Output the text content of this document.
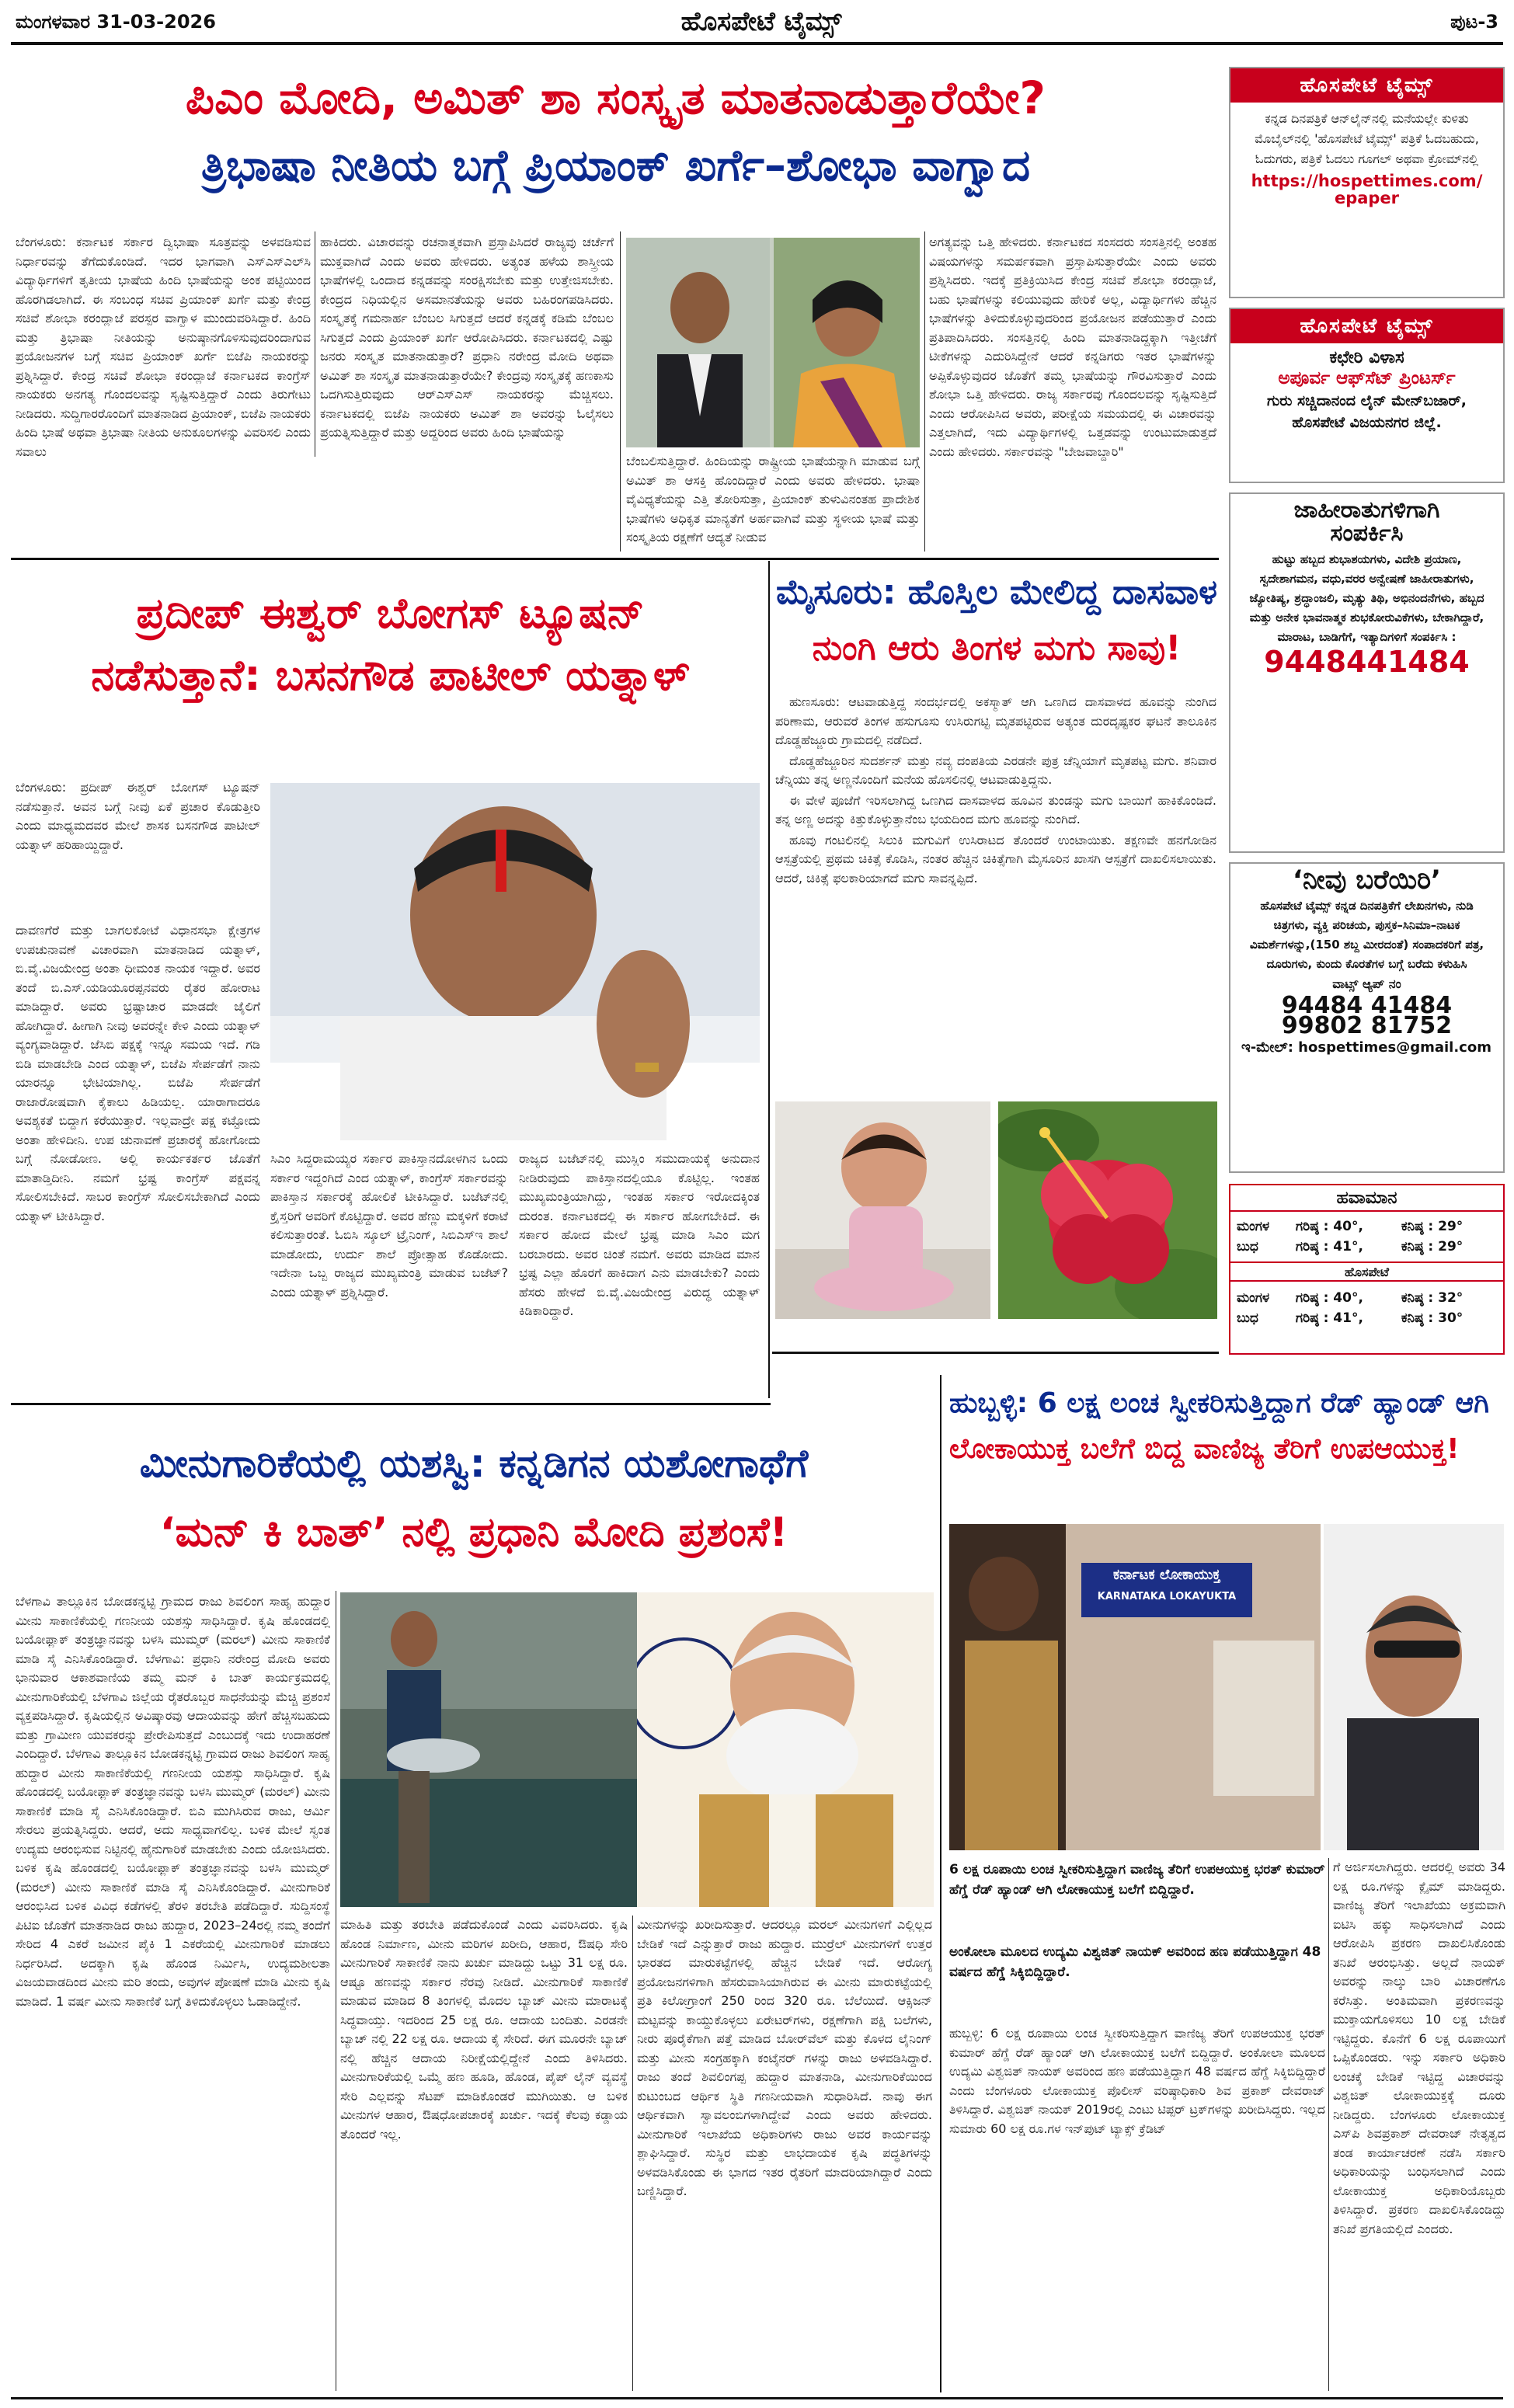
ಮಂಗಳವಾರ 31-03-2026	ಹೊಸಪೇಟೆ ಟೈಮ್ಸ್	ಪುಟ-3
ಪಿಎಂ ಮೋದಿ, ಅಮಿತ್ ಶಾ ಸಂಸ್ಕೃತ ಮಾತನಾಡುತ್ತಾರೆಯೇ?
ತ್ರಿಭಾಷಾ ನೀತಿಯ ಬಗ್ಗೆ ಪ್ರಿಯಾಂಕ್ ಖರ್ಗೆ–ಶೋಭಾ ವಾಗ್ವಾದ
ಬೆಂಗಳೂರು: ಕರ್ನಾಟಕ ಸರ್ಕಾರ ದ್ವಿಭಾಷಾ ಸೂತ್ರವನ್ನು ಅಳವಡಿಸುವ ನಿರ್ಧಾರವನ್ನು ತೆಗೆದುಕೊಂಡಿದೆ. ಇದರ ಭಾಗವಾಗಿ ಎಸ್‌ಎಸ್‌ಎಲ್‌ಸಿ ವಿದ್ಯಾರ್ಥಿಗಳಿಗೆ ತೃತೀಯ ಭಾಷೆಯ ಹಿಂದಿ ಭಾಷೆಯನ್ನು ಅಂಕ ಪಟ್ಟಿಯಿಂದ ಹೊರಗಿಡಲಾಗಿದೆ. ಈ ಸಂಬಂಧ ಸಚಿವ ಪ್ರಿಯಾಂಕ್ ಖರ್ಗೆ ಮತ್ತು ಕೇಂದ್ರ ಸಚಿವೆ ಶೋಭಾ ಕರಂದ್ಲಾಜೆ ಪರಸ್ಪರ ವಾಗ್ವಾಳ ಮುಂದುವರಿಸಿದ್ದಾರೆ. ಹಿಂದಿ ಮತ್ತು ತ್ರಿಭಾಷಾ ನೀತಿಯನ್ನು ಅನುಷ್ಠಾನಗೊಳಿಸುವುದರಿಂದಾಗುವ ಪ್ರಯೋಜನಗಳ ಬಗ್ಗೆ ಸಚಿವ ಪ್ರಿಯಾಂಕ್ ಖರ್ಗೆ ಬಿಜೆಪಿ ನಾಯಕರನ್ನು ಪ್ರಶ್ನಿಸಿದ್ದಾರೆ. ಕೇಂದ್ರ ಸಚಿವೆ ಶೋಭಾ ಕರಂದ್ಲಾಜೆ ಕರ್ನಾಟಕದ ಕಾಂಗ್ರೆಸ್ ನಾಯಕರು ಅನಗತ್ಯ ಗೊಂದಲವನ್ನು ಸೃಷ್ಟಿಸುತ್ತಿದ್ದಾರೆ ಎಂದು ತಿರುಗೇಟು ನೀಡಿದರು. ಸುದ್ದಿಗಾರರೊಂದಿಗೆ ಮಾತನಾಡಿದ ಪ್ರಿಯಾಂಕ್, ಬಿಜೆಪಿ ನಾಯಕರು ಹಿಂದಿ ಭಾಷೆ ಅಥವಾ ತ್ರಿಭಾಷಾ ನೀತಿಯ ಅನುಕೂಲಗಳನ್ನು ವಿವರಿಸಲಿ ಎಂದು ಸವಾಲು
ಹಾಕಿದರು. ವಿಚಾರವನ್ನು ರಚನಾತ್ಮಕವಾಗಿ ಪ್ರಸ್ತಾಪಿಸಿದರೆ ರಾಜ್ಯವು ಚರ್ಚೆಗೆ ಮುಕ್ತವಾಗಿದೆ ಎಂದು ಅವರು ಹೇಳಿದರು. ಅತ್ಯಂತ ಹಳೆಯ ಶಾಸ್ತ್ರೀಯ ಭಾಷೆಗಳಲ್ಲಿ ಒಂದಾದ ಕನ್ನಡವನ್ನು ಸಂರಕ್ಷಿಸಬೇಕು ಮತ್ತು ಉತ್ತೇಜಿಸಬೇಕು. ಕೇಂದ್ರದ ನಿಧಿಯಲ್ಲಿನ ಅಸಮಾನತೆಯನ್ನು ಅವರು ಬಹಿರಂಗಪಡಿಸಿದರು. ಸಂಸ್ಕೃತಕ್ಕೆ ಗಮನಾರ್ಹ ಬೆಂಬಲ ಸಿಗುತ್ತದೆ ಆದರೆ ಕನ್ನಡಕ್ಕೆ ಕಡಿಮೆ ಬೆಂಬಲ ಸಿಗುತ್ತದೆ ಎಂದು ಪ್ರಿಯಾಂಕ್ ಖರ್ಗೆ ಆರೋಪಿಸಿದರು. ಕರ್ನಾಟಕದಲ್ಲಿ ಎಷ್ಟು ಜನರು ಸಂಸ್ಕೃತ ಮಾತನಾಡುತ್ತಾರೆ? ಪ್ರಧಾನಿ ನರೇಂದ್ರ ಮೋದಿ ಅಥವಾ ಅಮಿತ್ ಶಾ ಸಂಸ್ಕೃತ ಮಾತನಾಡುತ್ತಾರೆಯೇ? ಕೇಂದ್ರವು ಸಂಸ್ಕೃತಕ್ಕೆ ಹಣಕಾಸು ಒದಗಿಸುತ್ತಿರುವುದು ಆರ್‌ಎಸ್‌ಎಸ್ ನಾಯಕರನ್ನು ಮೆಚ್ಚಿಸಲು. ಕರ್ನಾಟಕದಲ್ಲಿ ಬಿಜೆಪಿ ನಾಯಕರು ಅಮಿತ್ ಶಾ ಅವರನ್ನು ಓಲೈಸಲು ಪ್ರಯತ್ನಿಸುತ್ತಿದ್ದಾರೆ ಮತ್ತು ಅದ್ದರಿಂದ ಅವರು ಹಿಂದಿ ಭಾಷೆಯನ್ನು
ಬೆಂಬಲಿಸುತ್ತಿದ್ದಾರೆ. ಹಿಂದಿಯನ್ನು ರಾಷ್ಟ್ರೀಯ ಭಾಷೆಯನ್ನಾಗಿ ಮಾಡುವ ಬಗ್ಗೆ ಅಮಿತ್ ಶಾ ಆಸಕ್ತಿ ಹೊಂದಿದ್ದಾರೆ ಎಂದು ಅವರು ಹೇಳಿದರು. ಭಾಷಾ ವೈವಿಧ್ಯತೆಯನ್ನು ಎತ್ತಿ ತೋರಿಸುತ್ತಾ, ಪ್ರಿಯಾಂಕ್ ತುಳುವಿನಂತಹ ಪ್ರಾದೇಶಿಕ ಭಾಷೆಗಳು ಅಧಿಕೃತ ಮಾನ್ಯತೆಗೆ ಅರ್ಹವಾಗಿವೆ ಮತ್ತು ಸ್ಥಳೀಯ ಭಾಷೆ ಮತ್ತು ಸಂಸ್ಕೃತಿಯ ರಕ್ಷಣೆಗೆ ಆದ್ಯತೆ ನೀಡುವ
ಅಗತ್ಯವನ್ನು ಒತ್ತಿ ಹೇಳಿದರು. ಕರ್ನಾಟಕದ ಸಂಸದರು ಸಂಸತ್ತಿನಲ್ಲಿ ಅಂತಹ ವಿಷಯಗಳನ್ನು ಸಮರ್ಪಕವಾಗಿ ಪ್ರಸ್ತಾಪಿಸುತ್ತಾರೆಯೇ ಎಂದು ಅವರು ಪ್ರಶ್ನಿಸಿದರು. ಇದಕ್ಕೆ ಪ್ರತಿಕ್ರಿಯಿಸಿದ ಕೇಂದ್ರ ಸಚಿವೆ ಶೋಭಾ ಕರಂದ್ಲಾಜೆ, ಬಹು ಭಾಷೆಗಳನ್ನು ಕಲಿಯುವುದು ಹೇರಿಕೆ ಅಲ್ಲ, ವಿದ್ಯಾರ್ಥಿಗಳು ಹೆಚ್ಚಿನ ಭಾಷೆಗಳನ್ನು ತಿಳಿದುಕೊಳ್ಳುವುದರಿಂದ ಪ್ರಯೋಜನ ಪಡೆಯುತ್ತಾರೆ ಎಂದು ಪ್ರತಿಪಾದಿಸಿದರು. ಸಂಸತ್ತಿನಲ್ಲಿ ಹಿಂದಿ ಮಾತನಾಡಿದ್ದಕ್ಕಾಗಿ ಇತ್ತೀಚೆಗೆ ಟೀಕೆಗಳನ್ನು ಎದುರಿಸಿದ್ದೇನೆ ಆದರೆ ಕನ್ನಡಿಗರು ಇತರ ಭಾಷೆಗಳನ್ನು ಅಪ್ಪಿಕೊಳ್ಳುವುದರ ಜೊತೆಗೆ ತಮ್ಮ ಭಾಷೆಯನ್ನು ಗೌರವಿಸುತ್ತಾರೆ ಎಂದು ಶೋಭಾ ಒತ್ತಿ ಹೇಳಿದರು. ರಾಜ್ಯ ಸರ್ಕಾರವು ಗೊಂದಲವನ್ನು ಸೃಷ್ಟಿಸುತ್ತಿದೆ ಎಂದು ಆರೋಪಿಸಿದ ಅವರು, ಪರೀಕ್ಷೆಯ ಸಮಯದಲ್ಲಿ ಈ ವಿಚಾರವನ್ನು ಎತ್ತಲಾಗಿದೆ, ಇದು ವಿದ್ಯಾರ್ಥಿಗಳಲ್ಲಿ ಒತ್ತಡವನ್ನು ಉಂಟುಮಾಡುತ್ತದೆ ಎಂದು ಹೇಳಿದರು. ಸರ್ಕಾರವನ್ನು "ಬೇಜವಾಬ್ದಾರಿ"
ಪ್ರದೀಪ್ ಈಶ್ವರ್ ಬೋಗಸ್ ಟ್ಯೂಷನ್
ನಡೆಸುತ್ತಾನೆ: ಬಸನಗೌಡ ಪಾಟೀಲ್ ಯತ್ನಾಳ್
ಬೆಂಗಳೂರು: ಪ್ರದೀಪ್ ಈಶ್ವರ್ ಬೋಗಸ್ ಟ್ಯೂಷನ್ ನಡೆಸುತ್ತಾನೆ. ಅವನ ಬಗ್ಗೆ ನೀವು ಏಕೆ ಪ್ರಚಾರ ಕೊಡುತ್ತೀರಿ ಎಂದು ಮಾಧ್ಯಮದವರ ಮೇಲೆ ಶಾಸಕ ಬಸನಗೌಡ ಪಾಟೀಲ್ ಯತ್ನಾಳ್ ಹರಿಹಾಯ್ದಿದ್ದಾರೆ.
ದಾವಣಗೆರೆ ಮತ್ತು ಬಾಗಲಕೋಟೆ ವಿಧಾನಸಭಾ ಕ್ಷೇತ್ರಗಳ ಉಪಚುನಾವಣೆ ವಿಚಾರವಾಗಿ ಮಾತನಾಡಿದ ಯತ್ನಾಳ್, ಬಿ.ವೈ.ವಿಜಯೇಂದ್ರ ಅಂತಾ ಧೀಮಂತ ನಾಯಕ ಇದ್ದಾರೆ. ಅವರ ತಂದೆ ಬಿ.ಎಸ್.ಯಡಿಯೂರಪ್ಪನವರು ರೈತರ ಹೋರಾಟ ಮಾಡಿದ್ದಾರೆ. ಅವರು ಭ್ರಷ್ಟಾಚಾರ ಮಾಡದೇ ಜೈಲಿಗೆ ಹೋಗಿದ್ದಾರೆ. ಹೀಗಾಗಿ ನೀವು ಅವರನ್ನೇ ಕೇಳಿ ಎಂದು ಯತ್ನಾಳ್ ವ್ಯಂಗ್ಯವಾಡಿದ್ದಾರೆ. ಜೆಸಿಬಿ ಪಕ್ಷಕ್ಕೆ ಇನ್ನೂ ಸಮಯ ಇದೆ. ಗಡಿ ಬಿಡಿ ಮಾಡಬೇಡಿ ಎಂದ ಯತ್ನಾಳ್, ಬಿಜೆಪಿ ಸೇರ್ಪಡೆಗೆ ನಾನು ಯಾರನ್ನೂ ಭೇಟಿಯಾಗಿಲ್ಲ. ಬಿಜೆಪಿ ಸೇರ್ಪಡೆಗೆ ರಾಜಾರೋಷವಾಗಿ ಕೈಕಾಲು ಹಿಡಿಯಲ್ಲ. ಯಾರಾಗಾದರೂ ಅವಶ್ಯಕತೆ ಬಿದ್ದಾಗ ಕರೆಯುತ್ತಾರೆ. ಇಲ್ಲವಾದ್ರೇ ಪಕ್ಷ ಕಟ್ಟೋದು ಅಂತಾ ಹೇಳಿದೀನಿ. ಉಪ ಚುನಾವಣೆ ಪ್ರಚಾರಕ್ಕೆ ಹೋಗೋದು ಬಗ್ಗೆ ನೋಡೋಣ. ಅಲ್ಲಿ ಕಾರ್ಯಕರ್ತರ ಜೊತೆಗೆ ಮಾತಾಡ್ತಿದೀನಿ. ನಮಗೆ ಭ್ರಷ್ಟ ಕಾಂಗ್ರೆಸ್ ಪಕ್ಷವನ್ನ ಸೋಲಿಸಬೇಕಿದೆ. ಸಾಬರ ಕಾಂಗ್ರೆಸ್ ಸೋಲಿಸಬೇಕಾಗಿದೆ ಎಂದು ಯತ್ನಾಳ್ ಟೀಕಿಸಿದ್ದಾರೆ.
ಸಿಎಂ ಸಿದ್ದರಾಮಯ್ಯರ ಸರ್ಕಾರ ಪಾಕಿಸ್ತಾನದೋಳಗಿನ ಒಂದು ಸರ್ಕಾರ ಇದ್ದಂಗಿದೆ ಎಂದ ಯತ್ನಾಳ್, ಕಾಂಗ್ರೆಸ್ ಸರ್ಕಾರವನ್ನು ಪಾಕಿಸ್ತಾನ ಸರ್ಕಾರಕ್ಕೆ ಹೋಲಿಕೆ ಟೀಕಿಸಿದ್ದಾರೆ. ಬಜೆಟ್‌ನಲ್ಲಿ ಕ್ರೈಸ್ತರಿಗೆ ಅವರಿಗೆ ಕೊಟ್ಟಿದ್ದಾರೆ. ಅವರ ಹೆಣ್ಣು ಮಕ್ಕಳಿಗೆ ಕರಾಟೆ ಕಲಿಸುತ್ತಾರಂತೆ. ಓಬಿಸಿ ಸ್ಕೂಲ್ ಟ್ರೈನಿಂಗ್, ಸಿಬಿಎಸ್ಇ ಶಾಲೆ ಮಾಡೋದು, ಉರ್ದು ಶಾಲೆ ಪ್ರೋತ್ಸಾಹ ಕೊಡೋದು. ಇದೇನಾ ಒಬ್ಬ ರಾಜ್ಯದ ಮುಖ್ಯಮಂತ್ರಿ ಮಾಡುವ ಬಜೆಟ್? ಎಂದು ಯತ್ನಾಳ್ ಪ್ರಶ್ನಿಸಿದ್ದಾರೆ.
ರಾಜ್ಯದ ಬಜೆಟ್‌ನಲ್ಲಿ ಮುಸ್ಲಿಂ ಸಮುದಾಯಕ್ಕೆ ಅನುದಾನ ನೀಡಿರುವುದು ಪಾಕಿಸ್ತಾನದಲ್ಲಿಯೂ ಕೊಟ್ಟಿಲ್ಲ. ಇಂತಹ ಮುಖ್ಯಮಂತ್ರಿಯಾಗಿದ್ದು, ಇಂತಹ ಸರ್ಕಾರ ಇರೋದಕ್ಕಿಂತ ದುರಂತ. ಕರ್ನಾಟಕದಲ್ಲಿ ಈ ಸರ್ಕಾರ ಹೋಗಬೇಕಿದೆ. ಈ ಸರ್ಕಾರ ಹೋದ ಮೇಲೆ ಭ್ರಷ್ಟ ಮಾಡಿ ಸಿಎಂ ಮಗ ಬರಬಾರದು. ಅವರ ಚಿಂತೆ ನಮಗೆ. ಅವರು ಮಾಡಿದ ಮಾನ ಭ್ರಷ್ಟ ಎಲ್ಲಾ ಹೊರಗೆ ಹಾಕಿದಾಗ ಎನು ಮಾಡಬೇಕು? ಎಂದು ಹೆಸರು ಹೇಳದೆ ಬಿ.ವೈ.ವಿಜಯೇಂದ್ರ ವಿರುದ್ಧ ಯತ್ನಾಳ್ ಕಿಡಿಕಾರಿದ್ದಾರೆ.
ಮೈಸೂರು: ಹೊಸ್ತಿಲ ಮೇಲಿದ್ದ ದಾಸವಾಳ
ನುಂಗಿ ಆರು ತಿಂಗಳ ಮಗು ಸಾವು!

ಹುಣಸೂರು: ಆಟವಾಡುತ್ತಿದ್ದ ಸಂದರ್ಭದಲ್ಲಿ ಅಕಸ್ಮಾತ್ ಆಗಿ ಒಣಗಿದ ದಾಸವಾಳದ ಹೂವನ್ನು ನುಂಗಿದ ಪರಿಣಾಮ, ಆರುವರೆ ತಿಂಗಳ ಹಸುಗೂಸು ಉಸಿರುಗಟ್ಟಿ ಮೃತಪಟ್ಟಿರುವ ಅತ್ಯಂತ ದುರದೃಷ್ಟಕರ ಘಟನೆ ತಾಲೂಕಿನ ದೊಡ್ಡಹೆಜ್ಜೂರು ಗ್ರಾಮದಲ್ಲಿ ನಡೆದಿದೆ.

ದೊಡ್ಡಹೆಜ್ಜೂರಿನ ಸುದರ್ಶನ್ ಮತ್ತು ನವ್ಯ ದಂಪತಿಯ ಎರಡನೇ ಪುತ್ರ ಚೆನ್ನಿಯಾಗೆ ಮೃತಪಟ್ಟ ಮಗು. ಶನಿವಾರ ಚೆನ್ನಿಯು ತನ್ನ ಅಣ್ಣನೊಂದಿಗೆ ಮನೆಯ ಹೊಸಲಿನಲ್ಲಿ ಆಟವಾಡುತ್ತಿದ್ದನು.

ಈ ವೇಳೆ ಪೂಜೆಗೆ ಇರಿಸಲಾಗಿದ್ದ ಒಣಗಿದ ದಾಸವಾಳದ ಹೂವಿನ ತುಂಡನ್ನು ಮಗು ಬಾಯಿಗೆ ಹಾಕಿಕೊಂಡಿದೆ. ತನ್ನ ಅಣ್ಣ ಅದನ್ನು ಕಿತ್ತುಕೊಳ್ಳುತ್ತಾನೆಂಬ ಭಯದಿಂದ ಮಗು ಹೂವನ್ನು ನುಂಗಿದೆ.

ಹೂವು ಗಂಟಲಿನಲ್ಲಿ ಸಿಲುಕಿ ಮಗುವಿಗೆ ಉಸಿರಾಟದ ತೊಂದರೆ ಉಂಟಾಯಿತು. ತಕ್ಷಣವೇ ಹನಗೋಡಿನ ಆಸ್ಪತ್ರೆಯಲ್ಲಿ ಪ್ರಥಮ ಚಿಕಿತ್ಸೆ ಕೊಡಿಸಿ, ನಂತರ ಹೆಚ್ಚಿನ ಚಿಕಿತ್ಸೆಗಾಗಿ ಮೈಸೂರಿನ ಖಾಸಗಿ ಆಸ್ಪತ್ರೆಗೆ ದಾಖಲಿಸಲಾಯಿತು. ಆದರೆ, ಚಿಕಿತ್ಸೆ ಫಲಕಾರಿಯಾಗದೆ ಮಗು ಸಾವನ್ನಪ್ಪಿದೆ.

ಹೊಸಪೇಟೆ ಟೈಮ್ಸ್
ಕನ್ನಡ ದಿನಪತ್ರಿಕೆ ಆನ್‌ಲೈನ್‌ನಲ್ಲಿ ಮನೆಯಲ್ಲೇ ಕುಳಿತು ಮೊಬೈಲ್‌ನಲ್ಲಿ 'ಹೊಸಪೇಟೆ ಟೈಮ್ಸ್' ಪತ್ರಿಕೆ ಓದಬಹುದು, ಓದುಗರು, ಪತ್ರಿಕೆ ಓದಲು ಗೂಗಲ್ ಅಥವಾ ಕ್ರೋಮ್‌ನಲ್ಲಿ
https://hospettimes.com/
epaper
ಹೊಸಪೇಟೆ ಟೈಮ್ಸ್
ಕಛೇರಿ ವಿಳಾಸ
ಅಪೂರ್ವ ಆಫ್‌ಸೆಟ್ ಪ್ರಿಂಟರ್ಸ್
ಗುರು ಸಚ್ಚಿದಾನಂದ ಲೈನ್ ಮೇನ್‌ಬಜಾರ್, ಹೊಸಪೇಟೆ ವಿಜಯನಗರ ಜಿಲ್ಲೆ.
ಜಾಹೀರಾತುಗಳಿಗಾಗಿ
ಸಂಪರ್ಕಿಸಿ
ಹುಟ್ಟು ಹಬ್ಬದ ಶುಭಾಶಯಗಳು, ವಿದೇಶಿ ಪ್ರಯಾಣ, ಸ್ವದೇಶಾಗಮನ, ವಧು,ವರರ ಅನ್ವೇಷಣೆ ಜಾಹೀರಾತುಗಳು, ಜ್ಯೋತಿಷ್ಯ, ಶ್ರದ್ಧಾಂಜಲಿ, ಮೃತ್ಯು ತಿಥಿ, ಅಭಿನಂದನೆಗಳು, ಹಬ್ಬದ ಮತ್ತು ಅನೇಕ ಭಾವನಾತ್ಮಕ ಶುಭಕೋರುವಿಕೆಗಳು, ಬೇಕಾಗಿದ್ದಾರೆ, ಮಾರಾಟ, ಬಾಡಿಗೆಗೆ, ಇತ್ಯಾದಿಗಳಿಗೆ ಸಂಪರ್ಕಿಸಿ :
9448441484
‘ನೀವು ಬರೆಯಿರಿ’
ಹೊಸಪೇಟೆ ಟೈಮ್ಸ್ ಕನ್ನಡ ದಿನಪತ್ರಿಕೆಗೆ ಲೇಖನಗಳು, ನುಡಿ ಚಿತ್ರಗಳು, ವ್ಯಕ್ತಿ ಪರಿಚಯ, ಪುಸ್ತಕ–ಸಿನಿಮಾ–ನಾಟಕ ವಿಮರ್ಶೆಗಳನ್ನು,(150 ಶಬ್ದ ಮೀರದಂತೆ) ಸಂಪಾದಕರಿಗೆ ಪತ್ರ, ದೂರುಗಳು, ಕುಂದು ಕೊರತೆಗಳ ಬಗ್ಗೆ ಬರೆದು ಕಳುಹಿಸಿ
ವಾಟ್ಸ್ ಆ್ಯಪ್ ನಂ
94484 41484
99802 81752
ಇ-ಮೇಲ್: hospettimes@gmail.com
ಹವಾಮಾನ
ಮಂಗಳ ಗರಿಷ್ಠ : 40°,	ಕನಿಷ್ಠ : 29°
ಬುಧ	ಗರಿಷ್ಠ : 41°,	ಕನಿಷ್ಠ : 29°
ಹೊಸಪೇಟೆ
ಮಂಗಳ ಗರಿಷ್ಠ : 40°,	ಕನಿಷ್ಠ : 32°
ಬುಧ	ಗರಿಷ್ಠ : 41°,	ಕನಿಷ್ಠ : 30°
ಮೀನುಗಾರಿಕೆಯಲ್ಲಿ ಯಶಸ್ವಿ: ಕನ್ನಡಿಗನ ಯಶೋಗಾಥೆಗೆ
‘ಮನ್ ಕಿ ಬಾತ್’ ನಲ್ಲಿ ಪ್ರಧಾನಿ ಮೋದಿ ಪ್ರಶಂಸೆ!
ಬೆಳಗಾವಿ ತಾಲ್ಲೂಕಿನ ಬೋಡಕನ್ನಟ್ಟಿ ಗ್ರಾಮದ ರಾಜು ಶಿವಲಿಂಗ ಸಾಹೃ ಹುದ್ದಾರ ಮೀನು ಸಾಕಾಣಿಕೆಯಲ್ಲಿ ಗಣನೀಯ ಯಶಸ್ಸು ಸಾಧಿಸಿದ್ದಾರೆ. ಕೃಷಿ ಹೊಂಡದಲ್ಲಿ ಬಯೋಫ್ಲಾಕ್ ತಂತ್ರಜ್ಞಾನವನ್ನು ಬಳಸಿ ಮುಮ್ಮರ್ (ಮರಲ್) ಮೀನು ಸಾಕಾಣಿಕೆ ಮಾಡಿ ಸೈ ಎನಿಸಿಕೊಂಡಿದ್ದಾರೆ. ಬೆಳಗಾವಿ: ಪ್ರಧಾನಿ ನರೇಂದ್ರ ಮೋದಿ ಅವರು ಭಾನುವಾರ ಆಕಾಶವಾಣಿಯ ತಮ್ಮ ಮನ್ ಕಿ ಬಾತ್ ಕಾರ್ಯಕ್ರಮದಲ್ಲಿ ಮೀನುಗಾರಿಕೆಯಲ್ಲಿ ಬೆಳಗಾವಿ ಜಿಲ್ಲೆಯ ರೈತರೊಬ್ಬರ ಸಾಧನೆಯನ್ನು ಮೆಚ್ಚಿ ಪ್ರಶಂಸೆ ವ್ಯಕ್ತಪಡಿಸಿದ್ದಾರೆ. ಕೃಷಿಯಲ್ಲಿನ ಅವಿಷ್ಕಾರವು ಆದಾಯವನ್ನು ಹೇಗೆ ಹೆಚ್ಚಿಸಬಹುದು ಮತ್ತು ಗ್ರಾಮೀಣ ಯುವಕರನ್ನು ಪ್ರೇರೇಪಿಸುತ್ತದೆ ಎಂಬುದಕ್ಕೆ ಇದು ಉದಾಹರಣೆ ಎಂದಿದ್ದಾರೆ. ಬೆಳಗಾವಿ ತಾಲ್ಲೂಕಿನ ಬೋಡಕನ್ನಟ್ಟಿ ಗ್ರಾಮದ ರಾಜು ಶಿವಲಿಂಗ ಸಾಹೃ ಹುದ್ದಾರ ಮೀನು ಸಾಕಾಣಿಕೆಯಲ್ಲಿ ಗಣನೀಯ ಯಶಸ್ಸು ಸಾಧಿಸಿದ್ದಾರೆ. ಕೃಷಿ ಹೊಂಡದಲ್ಲಿ ಬಯೋಫ್ಲಾಕ್ ತಂತ್ರಜ್ಞಾನವನ್ನು ಬಳಸಿ ಮುಮ್ಮರ್ (ಮರಲ್) ಮೀನು ಸಾಕಾಣಿಕೆ ಮಾಡಿ ಸೈ ಎನಿಸಿಕೊಂಡಿದ್ದಾರೆ. ಬಿಎ ಮುಗಿಸಿರುವ ರಾಜು, ಆರ್ಮಿ ಸೇರಲು ಪ್ರಯತ್ನಿಸಿದ್ದರು. ಆದರೆ, ಅದು ಸಾಧ್ಯವಾಗಲಿಲ್ಲ. ಬಳಿಕ ಮೇಲೆ ಸ್ವಂತ ಉದ್ಯಮ ಆರಂಭಿಸುವ ನಿಟ್ಟಿನಲ್ಲಿ ಹೈನುಗಾರಿಕೆ ಮಾಡಬೇಕು ಎಂದು ಯೋಜಿಸಿದರು. ಬಳಿಕ ಕೃಷಿ ಹೊಂಡದಲ್ಲಿ ಬಯೋಫ್ಲಾಕ್ ತಂತ್ರಜ್ಞಾನವನ್ನು ಬಳಸಿ ಮುಮ್ಮರ್ (ಮರಲ್) ಮೀನು ಸಾಕಾಣಿಕೆ ಮಾಡಿ ಸೈ ಎನಿಸಿಕೊಂಡಿದ್ದಾರೆ. ಮೀನುಗಾರಿಕೆ ಆರಂಭಿಸಿದ ಬಳಿಕ ವಿವಿಧ ಕಡೆಗಳಲ್ಲಿ ತೆರಳಿ ತರಬೇತಿ ಪಡೆದಿದ್ದಾರೆ. ಸುದ್ದಿಸಂಸ್ಥೆ ಪಿಟಿಐ ಜೊತೆಗೆ ಮಾತನಾಡಿದ ರಾಜು ಹುದ್ದಾರ, 2023–24ರಲ್ಲಿ ನಮ್ಮ ತಂದೆಗೆ ಸೇರಿದ 4 ಎಕರೆ ಜಮೀನ ಪೈಕಿ 1 ಎಕರೆಯಲ್ಲಿ ಮೀನುಗಾರಿಕೆ ಮಾಡಲು ನಿರ್ಧರಿಸಿದೆ. ಅದಕ್ಕಾಗಿ ಕೃಷಿ ಹೊಂಡ ನಿರ್ಮಿಸಿ, ಉದ್ಯಮಶೀಲತಾ ವಿಜಯವಾಡದಿಂದ ಮೀನು ಮರಿ ತಂದು, ಅವುಗಳ ಪೋಷಣೆ ಮಾಡಿ ಮೀನು ಕೃಷಿ ಮಾಡಿದೆ. 1 ವರ್ಷ ಮೀನು ಸಾಕಾಣಿಕೆ ಬಗ್ಗೆ ತಿಳಿದುಕೊಳ್ಳಲು ಓಡಾಡಿದ್ದೇನೆ.
ಮಾಹಿತಿ ಮತ್ತು ತರಬೇತಿ ಪಡೆದುಕೊಂಡೆ ಎಂದು ವಿವರಿಸಿದರು. ಕೃಷಿ ಹೊಂಡ ನಿರ್ಮಾಣ, ಮೀನು ಮರಿಗಳ ಖರೀದಿ, ಆಹಾರ, ಔಷಧಿ ಸೇರಿ ಮೀನುಗಾರಿಕೆ ಸಾಕಾಣಿಕೆ ನಾನು ಖರ್ಚು ಮಾಡಿದ್ದು ಒಟ್ಟು 31 ಲಕ್ಷ ರೂ. ಆಷ್ಟೂ ಹಣವನ್ನು ಸರ್ಕಾರ ನೆರವು ನೀಡಿದೆ. ಮೀನುಗಾರಿಕೆ ಸಾಕಾಣಿಕೆ ಮಾಡುವ ಮಾಡಿದ 8 ತಿಂಗಳಲ್ಲಿ ಮೊದಲ ಬ್ಯಾಚ್ ಮೀನು ಮಾರಾಟಕ್ಕೆ ಸಿದ್ಧವಾಯ್ತು. ಇದರಿಂದ 25 ಲಕ್ಷ ರೂ. ಆದಾಯ ಬಂದಿತು. ಎರಡನೇ ಬ್ಯಾಚ್ ನಲ್ಲಿ 22 ಲಕ್ಷ ರೂ. ಆದಾಯ ಕೈ ಸೇರಿದೆ. ಈಗ ಮೂರನೇ ಬ್ಯಾಚ್ ನಲ್ಲಿ ಹೆಚ್ಚಿನ ಆದಾಯ ನಿರೀಕ್ಷೆಯಲ್ಲಿದ್ದೇನೆ ಎಂದು ತಿಳಿಸಿದರು. ಮೀನುಗಾರಿಕೆಯಲ್ಲಿ ಒಮ್ಮೆ ಹಣ ಹೂಡಿ, ಹೊಂಡ, ಪೈಪ್ ಲೈನ್ ವ್ಯವಸ್ಥೆ ಸೇರಿ ಎಲ್ಲವನ್ನು ಸೆಟಪ್ ಮಾಡಿಕೊಂಡರೆ ಮುಗಿಯಿತು. ಆ ಬಳಿಕ ಮೀನುಗಳ ಆಹಾರ, ಔಷಧೋಪಚಾರಕ್ಕೆ ಖರ್ಚು. ಇದಕ್ಕೆ ಕೆಲವು ಕಡ್ಡಾಯ ತೊಂದರೆ ಇಲ್ಲ.
ಮೀನುಗಳನ್ನು ಖರೀದಿಸುತ್ತಾರೆ. ಆದರಲ್ಲೂ ಮರಲ್ ಮೀನುಗಳಿಗೆ ಎಲ್ಲಿಲ್ಲದ ಬೇಡಿಕೆ ಇದೆ ಎನ್ನುತ್ತಾರೆ ರಾಜು ಹುದ್ದಾರ. ಮುರ್ರೆಲ್ ಮೀನುಗಳಿಗೆ ಉತ್ತರ ಭಾರತದ ಮಾರುಕಟ್ಟೆಗಳಲ್ಲಿ ಹೆಚ್ಚಿನ ಬೇಡಿಕೆ ಇದೆ. ಆರೋಗ್ಯ ಪ್ರಯೋಜನಗಳಿಗಾಗಿ ಹೆಸರುವಾಸಿಯಾಗಿರುವ ಈ ಮೀನು ಮಾರುಕಟ್ಟೆಯಲ್ಲಿ ಪ್ರತಿ ಕಿಲೋಗ್ರಾಂಗೆ 250 ರಿಂದ 320 ರೂ. ಬೆಲೆಯಿದೆ. ಆಕ್ಸಿಜನ್ ಮಟ್ಟವನ್ನು ಕಾಯ್ದುಕೊಳ್ಳಲು ಏರೇಟರ್‌ಗಳು, ರಕ್ಷಣೆಗಾಗಿ ಪಕ್ಷಿ ಬಲೆಗಳು, ನೀರು ಪೂರೈಕೆಗಾಗಿ ಪತ್ತೆ ಮಾಡಿದ ಬೋರ್‌ವೆಲ್ ಮತ್ತು ಕೊಳದ ಲೈನಿಂಗ್ ಮತ್ತು ಮೀನು ಸಂಗ್ರಹಕ್ಕಾಗಿ ಕಂಟೈನರ್ ಗಳನ್ನು ರಾಜು ಅಳವಡಿಸಿದ್ದಾರೆ. ರಾಜು ತಂದೆ ಶಿವಲಿಂಗಪ್ಪ ಹುದ್ದಾರ ಮಾತನಾಡಿ, ಮೀನುಗಾರಿಕೆಯಿಂದ ಕುಟುಂಬದ ಆರ್ಥಿಕ ಸ್ಥಿತಿ ಗಣನೀಯವಾಗಿ ಸುಧಾರಿಸಿದೆ. ನಾವು ಈಗ ಆರ್ಥಿಕವಾಗಿ ಸ್ವಾವಲಂಬಿಗಳಾಗಿದ್ದೇವೆ ಎಂದು ಅವರು ಹೇಳಿದರು. ಮೀನುಗಾರಿಕೆ ಇಲಾಖೆಯ ಅಧಿಕಾರಿಗಳು ರಾಜು ಅವರ ಕಾರ್ಯವನ್ನು ಶ್ಲಾಘಿಸಿದ್ದಾರೆ. ಸುಸ್ಥಿರ ಮತ್ತು ಲಾಭದಾಯಕ ಕೃಷಿ ಪದ್ಧತಿಗಳನ್ನು ಅಳವಡಿಸಿಕೊಂಡು ಈ ಭಾಗದ ಇತರ ರೈತರಿಗೆ ಮಾದರಿಯಾಗಿದ್ದಾರೆ ಎಂದು ಬಣ್ಣಿಸಿದ್ದಾರೆ.
ಹುಬ್ಬಳ್ಳಿ: 6 ಲಕ್ಷ ಲಂಚ ಸ್ವೀಕರಿಸುತ್ತಿದ್ದಾಗ ರೆಡ್ ಹ್ಯಾಂಡ್ ಆಗಿ
ಲೋಕಾಯುಕ್ತ ಬಲೆಗೆ ಬಿದ್ದ ವಾಣಿಜ್ಯ ತೆರಿಗೆ ಉಪಆಯುಕ್ತ!
ಕರ್ನಾಟಕ ಲೋಕಾಯುಕ್ತ
KARNATAKA LOKAYUKTA
6 ಲಕ್ಷ ರೂಪಾಯಿ ಲಂಚ ಸ್ವೀಕರಿಸುತ್ತಿದ್ದಾಗ ವಾಣಿಜ್ಯ ತೆರಿಗೆ ಉಪಆಯುಕ್ತ ಭರತ್ ಕುಮಾರ್ ಹೆಗ್ಡೆ ರೆಡ್ ಹ್ಯಾಂಡ್ ಆಗಿ ಲೋಕಾಯುಕ್ತ ಬಲೆಗೆ ಬಿದ್ದಿದ್ದಾರೆ.
ಅಂಕೋಲಾ ಮೂಲದ ಉದ್ಯಮಿ ವಿಶ್ವಜಿತ್ ನಾಯಕ್ ಅವರಿಂದ ಹಣ ಪಡೆಯುತ್ತಿದ್ದಾಗ 48 ವರ್ಷದ ಹೆಗ್ಡೆ ಸಿಕ್ಕಿಬಿದ್ದಿದ್ದಾರೆ.
ಹುಬ್ಬಳ್ಳಿ: 6 ಲಕ್ಷ ರೂಪಾಯಿ ಲಂಚ ಸ್ವೀಕರಿಸುತ್ತಿದ್ದಾಗ ವಾಣಿಜ್ಯ ತೆರಿಗೆ ಉಪಆಯುಕ್ತ ಭರತ್ ಕುಮಾರ್ ಹೆಗ್ಡೆ ರೆಡ್ ಹ್ಯಾಂಡ್ ಆಗಿ ಲೋಕಾಯುಕ್ತ ಬಲೆಗೆ ಬಿದ್ದಿದ್ದಾರೆ. ಅಂಕೋಲಾ ಮೂಲದ ಉದ್ಯಮಿ ವಿಶ್ವಜಿತ್ ನಾಯಕ್ ಅವರಿಂದ ಹಣ ಪಡೆಯುತ್ತಿದ್ದಾಗ 48 ವರ್ಷದ ಹೆಗ್ಡೆ ಸಿಕ್ಕಿಬಿದ್ದಿದ್ದಾರೆ ಎಂದು ಬೆಂಗಳೂರು ಲೋಕಾಯುಕ್ತ ಪೊಲೀಸ್ ವರಿಷ್ಠಾಧಿಕಾರಿ ಶಿವ ಪ್ರಕಾಶ್ ದೇವರಾಜ್ ತಿಳಿಸಿದ್ದಾರೆ. ವಿಶ್ವಜಿತ್ ನಾಯಕ್ 2019ರಲ್ಲಿ ಎಂಟು ಟಿಪ್ಪರ್ ಟ್ರಕ್‌ಗಳನ್ನು ಖರೀದಿಸಿದ್ದರು. ಇಲ್ಲದ ಸುಮಾರು 60 ಲಕ್ಷ ರೂ.ಗಳ ಇನ್‌ಪುಟ್ ಟ್ಯಾಕ್ಸ್ ಕ್ರೆಡಿಟ್
ಗೆ ಅರ್ಜಿಸಲಾಗಿದ್ದರು. ಆದರಲ್ಲಿ ಅವರು 34 ಲಕ್ಷ ರೂ.ಗಳನ್ನು ಕ್ಲೈಮ್ ಮಾಡಿದ್ದರು. ವಾಣಿಜ್ಯ ತೆರಿಗೆ ಇಲಾಖೆಯು ಅಕ್ರಮವಾಗಿ ಐಟಿಸಿ ಹಕ್ಕು ಸಾಧಿಸಲಾಗಿದೆ ಎಂದು ಆರೋಪಿಸಿ ಪ್ರಕರಣ ದಾಖಲಿಸಿಕೊಂಡು ತನಿಖೆ ಆರಂಭಿಸಿತ್ತು. ಅಲ್ಲದೆ ನಾಯಕ್ ಅವರನ್ನು ನಾಲ್ಕು ಬಾರಿ ವಿಚಾರಣೆಗೂ ಕರೆಸಿತ್ತು. ಅಂತಿಮವಾಗಿ ಪ್ರಕರಣವನ್ನು ಮುಕ್ತಾಯಗೊಳಿಸಲು 10 ಲಕ್ಷ ಬೇಡಿಕೆ ಇಟ್ಟಿದ್ದರು. ಕೊನೆಗೆ 6 ಲಕ್ಷ ರೂಪಾಯಿಗೆ ಒಪ್ಪಿಕೊಂಡರು. ಇನ್ನು ಸರ್ಕಾರಿ ಅಧಿಕಾರಿ ಲಂಚಕ್ಕೆ ಬೇಡಿಕೆ ಇಟ್ಟಿದ್ದ ವಿಚಾರವನ್ನು ವಿಶ್ವಜಿತ್ ಲೋಕಾಯುಕ್ತಕ್ಕೆ ದೂರು ನೀಡಿದ್ದರು. ಬೆಂಗಳೂರು ಲೋಕಾಯುಕ್ತ ಎಸ್‌ಪಿ ಶಿವಪ್ರಕಾಶ್ ದೇವರಾಜ್ ನೇತೃತ್ವದ ತಂಡ ಕಾರ್ಯಾಚರಣೆ ನಡೆಸಿ ಸರ್ಕಾರಿ ಅಧಿಕಾರಿಯನ್ನು ಬಂಧಿಸಲಾಗಿದೆ ಎಂದು ಲೋಕಾಯುಕ್ತ ಅಧಿಕಾರಿಯೊಬ್ಬರು ತಿಳಿಸಿದ್ದಾರೆ. ಪ್ರಕರಣ ದಾಖಲಿಸಿಕೊಂಡಿದ್ದು ತನಿಖೆ ಪ್ರಗತಿಯಲ್ಲಿದೆ ಎಂದರು.
